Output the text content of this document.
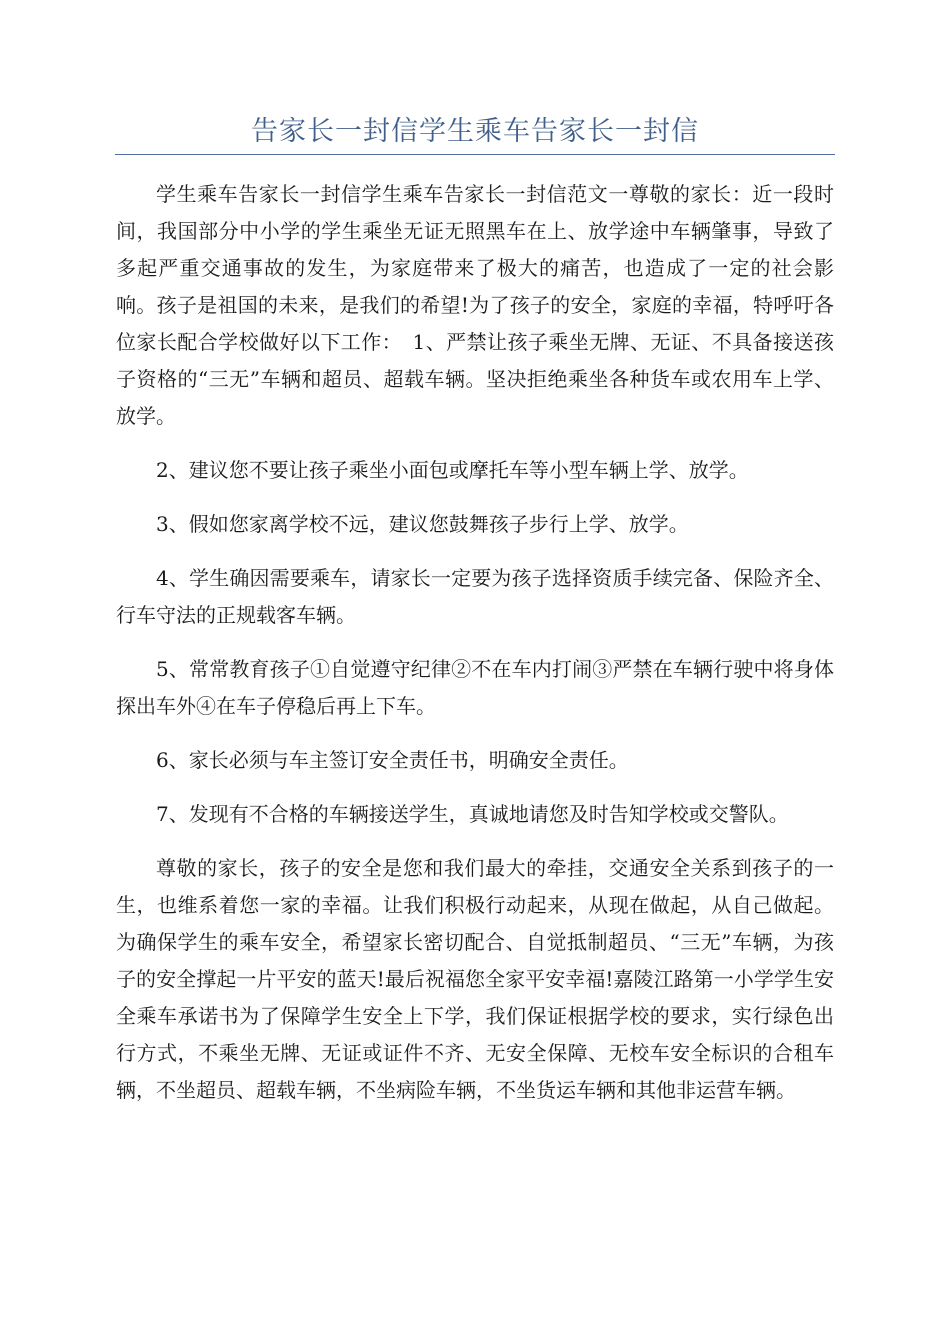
告家长一封信学生乘车告家长一封信

学生乘车告家长一封信学生乘车告家长一封信范文一尊敬的家长：近一段时间，我国部分中小学的学生乘坐无证无照黑车在上、放学途中车辆肇事，导致了多起严重交通事故的发生，为家庭带来了极大的痛苦，也造成了一定的社会影响。孩子是祖国的未来，是我们的希望!为了孩子的安全，家庭的幸福，特呼吁各位家长配合学校做好以下工作：　1、严禁让孩子乘坐无牌、无证、不具备接送孩子资格的“三无”车辆和超员、超载车辆。坚决拒绝乘坐各种货车或农用车上学、放学。

2、建议您不要让孩子乘坐小面包或摩托车等小型车辆上学、放学。

3、假如您家离学校不远，建议您鼓舞孩子步行上学、放学。

4、学生确因需要乘车，请家长一定要为孩子选择资质手续完备、保险齐全、行车守法的正规载客车辆。

5、常常教育孩子①自觉遵守纪律②不在车内打闹③严禁在车辆行驶中将身体探出车外④在车子停稳后再上下车。

6、家长必须与车主签订安全责任书，明确安全责任。

7、发现有不合格的车辆接送学生，真诚地请您及时告知学校或交警队。

尊敬的家长，孩子的安全是您和我们最大的牵挂，交通安全关系到孩子的一生，也维系着您一家的幸福。让我们积极行动起来，从现在做起，从自己做起。为确保学生的乘车安全，希望家长密切配合、自觉抵制超员、“三无”车辆，为孩子的安全撑起一片平安的蓝天!最后祝福您全家平安幸福!嘉陵江路第一小学学生安全乘车承诺书为了保障学生安全上下学，我们保证根据学校的要求，实行绿色出行方式，不乘坐无牌、无证或证件不齐、无安全保障、无校车安全标识的合租车辆，不坐超员、超载车辆，不坐病险车辆，不坐货运车辆和其他非运营车辆。
